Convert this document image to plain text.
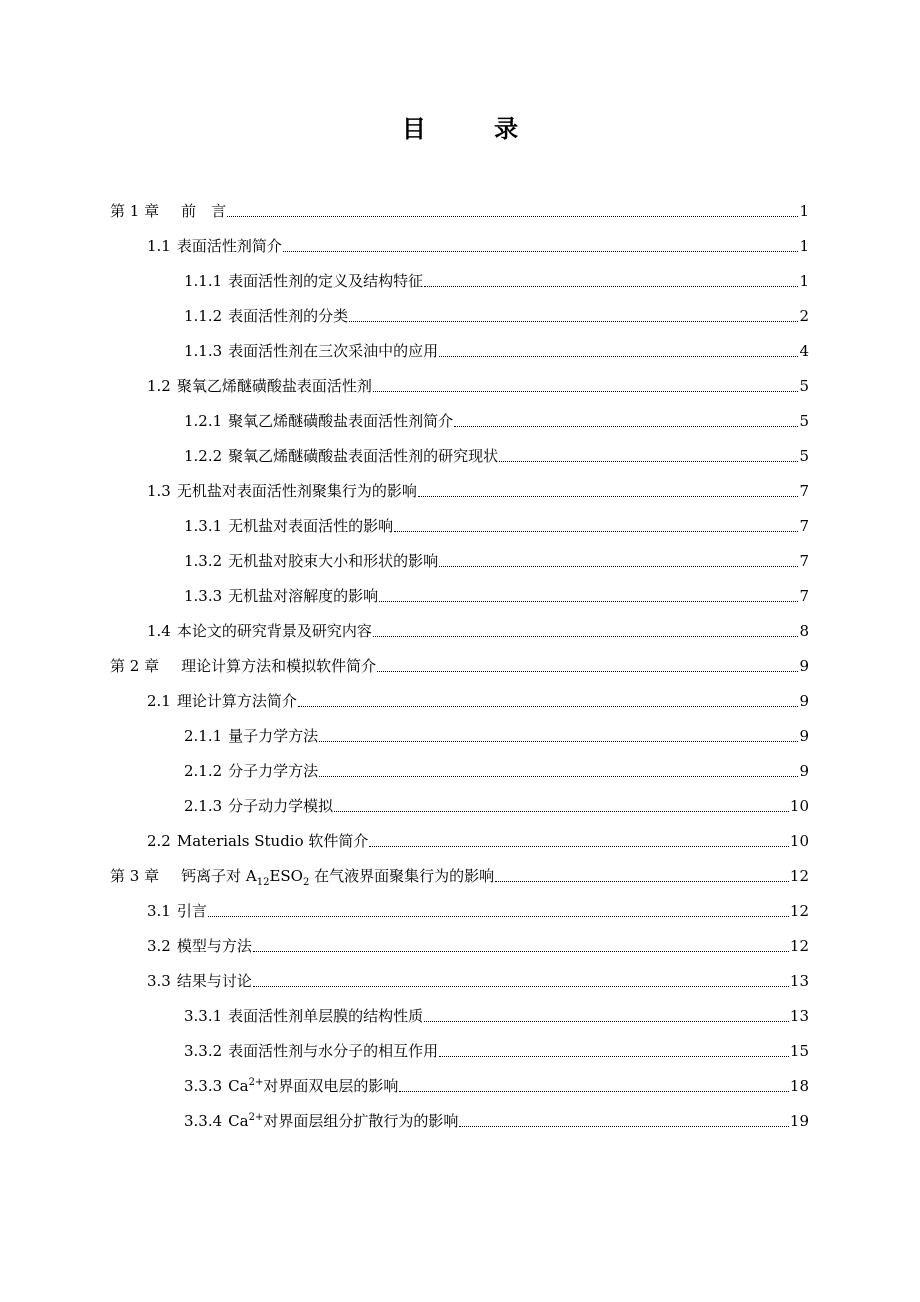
目 录
第 1 章	前　言	1
1.1 表面活性剂简介	1
1.1.1 表面活性剂的定义及结构特征	1
1.1.2 表面活性剂的分类	2
1.1.3 表面活性剂在三次采油中的应用	4
1.2 聚氧乙烯醚磺酸盐表面活性剂	5
1.2.1 聚氧乙烯醚磺酸盐表面活性剂简介	5
1.2.2 聚氧乙烯醚磺酸盐表面活性剂的研究现状	5
1.3 无机盐对表面活性剂聚集行为的影响	7
1.3.1 无机盐对表面活性的影响	7
1.3.2 无机盐对胶束大小和形状的影响	7
1.3.3 无机盐对溶解度的影响	7
1.4 本论文的研究背景及研究内容	8
第 2 章	理论计算方法和模拟软件简介	9
2.1 理论计算方法简介	9
2.1.1 量子力学方法	9
2.1.2 分子力学方法	9
2.1.3 分子动力学模拟	10
2.2 Materials Studio 软件简介	10
第 3 章	钙离子对 $A_{12}ESO_2$ 在气液界面聚集行为的影响	12
3.1 引言	12
3.2 模型与方法	12
3.3 结果与讨论	13
3.3.1 表面活性剂单层膜的结构性质	13
3.3.2 表面活性剂与水分子的相互作用	15
3.3.3 $Ca^{2+}$对界面双电层的影响	18
3.3.4 $Ca^{2+}$对界面层组分扩散行为的影响	19
